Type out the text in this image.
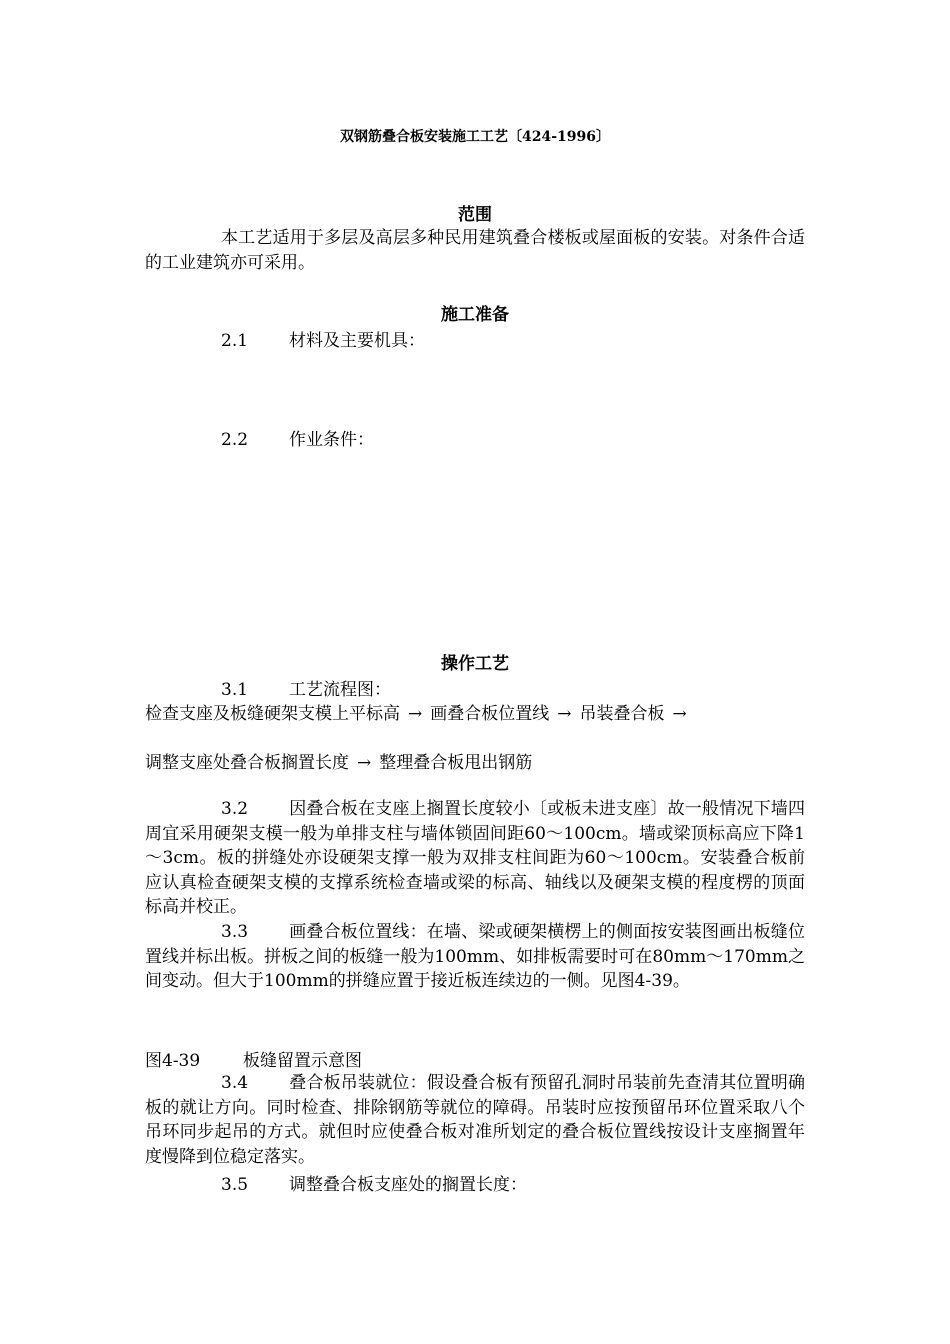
双钢筋叠合板安装施工工艺〔424-1996〕
范围

本工艺适用于多层及高层多种民用建筑叠合楼板或屋面板的安装。对条件合适的工业建筑亦可采用。

施工准备
2.1 材料及主要机具：
2.2 作业条件：
操作工艺
3.1 工艺流程图：
检查支座及板缝硬架支模上平标高 → 画叠合板位置线 → 吊装叠合板 →
调整支座处叠合板搁置长度 → 整理叠合板甩出钢筋

3.2 因叠合板在支座上搁置长度较小〔或板未进支座〕故一般情况下墙四周宜采用硬架支模一般为单排支柱与墙体锁固间距60～100cm。墙或梁顶标高应下降1～3cm。板的拼缝处亦设硬架支撑一般为双排支柱间距为60～100cm。安装叠合板前应认真检查硬架支模的支撑系统检查墙或梁的标高、轴线以及硬架支模的程度楞的顶面标高并校正。

3.3 画叠合板位置线：在墙、梁或硬架横楞上的侧面按安装图画出板缝位置线并标出板。拼板之间的板缝一般为100mm、如排板需要时可在80mm～170mm之间变动。但大于100mm的拼缝应置于接近板连续边的一侧。见图4-39。

图4-39	板缝留置示意图

3.4 叠合板吊装就位：假设叠合板有预留孔洞时吊装前先查清其位置明确板的就让方向。同时检查、排除钢筋等就位的障碍。吊装时应按预留吊环位置采取八个吊环同步起吊的方式。就但时应使叠合板对准所划定的叠合板位置线按设计支座搁置年度慢降到位稳定落实。

3.5 调整叠合板支座处的搁置长度：
